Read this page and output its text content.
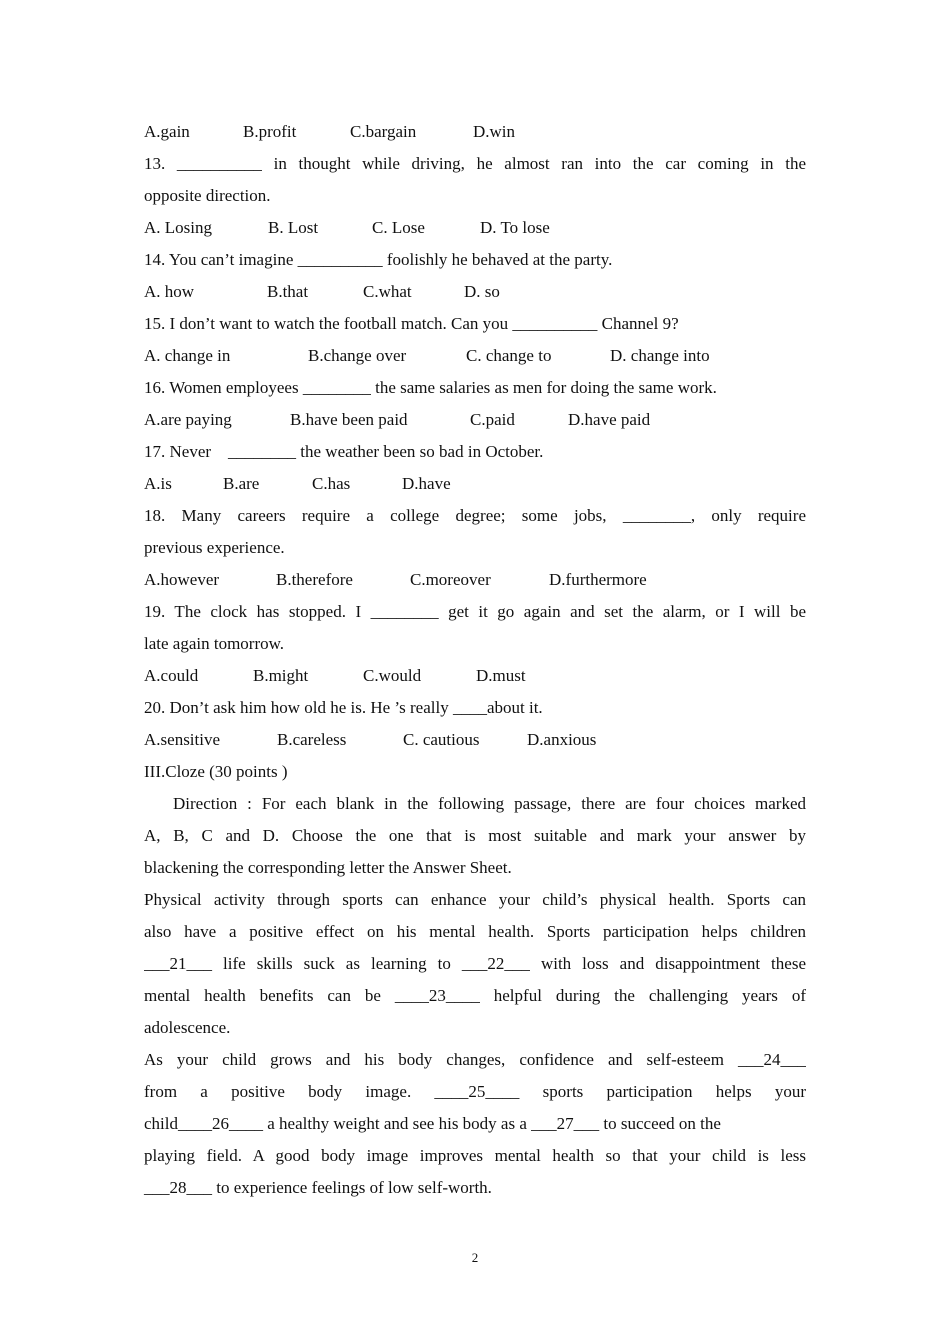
A.gain	B.profit	C.bargain	D.win
13. __________ in thought while driving, he almost ran into the car coming in the
opposite direction.
A. Losing	B. Lost	C. Lose	D. To lose
14. You can’t imagine __________ foolishly he behaved at the party.
A. how	B.that	C.what	D. so
15. I don’t want to watch the football match. Can you __________ Channel 9?
A. change in	B.change over	C. change to	D. change into
16. Women employees ________ the same salaries as men for doing the same work.
A.are paying	B.have been paid	C.paid	D.have paid
17. Never    ________ the weather been so bad in October.
A.is	B.are	C.has	D.have
18. Many careers require a college degree; some jobs, ________, only require
previous experience.
A.however	B.therefore	C.moreover	D.furthermore
19. The clock has stopped. I ________ get it go again and set the alarm, or I will be
late again tomorrow.
A.could	B.might	C.would	D.must
20. Don’t ask him how old he is. He ’s really ____about it.
A.sensitive	B.careless	C. cautious	D.anxious
III.Cloze (30 points )
Direction : For each blank in the following passage, there are four choices marked
A, B, C and D. Choose the one that is most suitable and mark your answer by
blackening the corresponding letter the Answer Sheet.
Physical activity through sports can enhance your child’s physical health. Sports can
also have a positive effect on his mental health. Sports participation helps children
___21___ life skills suck as learning to ___22___ with loss and disappointment these
mental health benefits can be ____23____ helpful during the challenging years of
adolescence.
As your child grows and his body changes, confidence and self-esteem ___24___
from a positive body image. ____25____ sports participation helps your
child____26____ a healthy weight and see his body as a ___27___ to succeed on the
playing field. A good body image improves mental health so that your child is less
___28___ to experience feelings of low self-worth.
2
